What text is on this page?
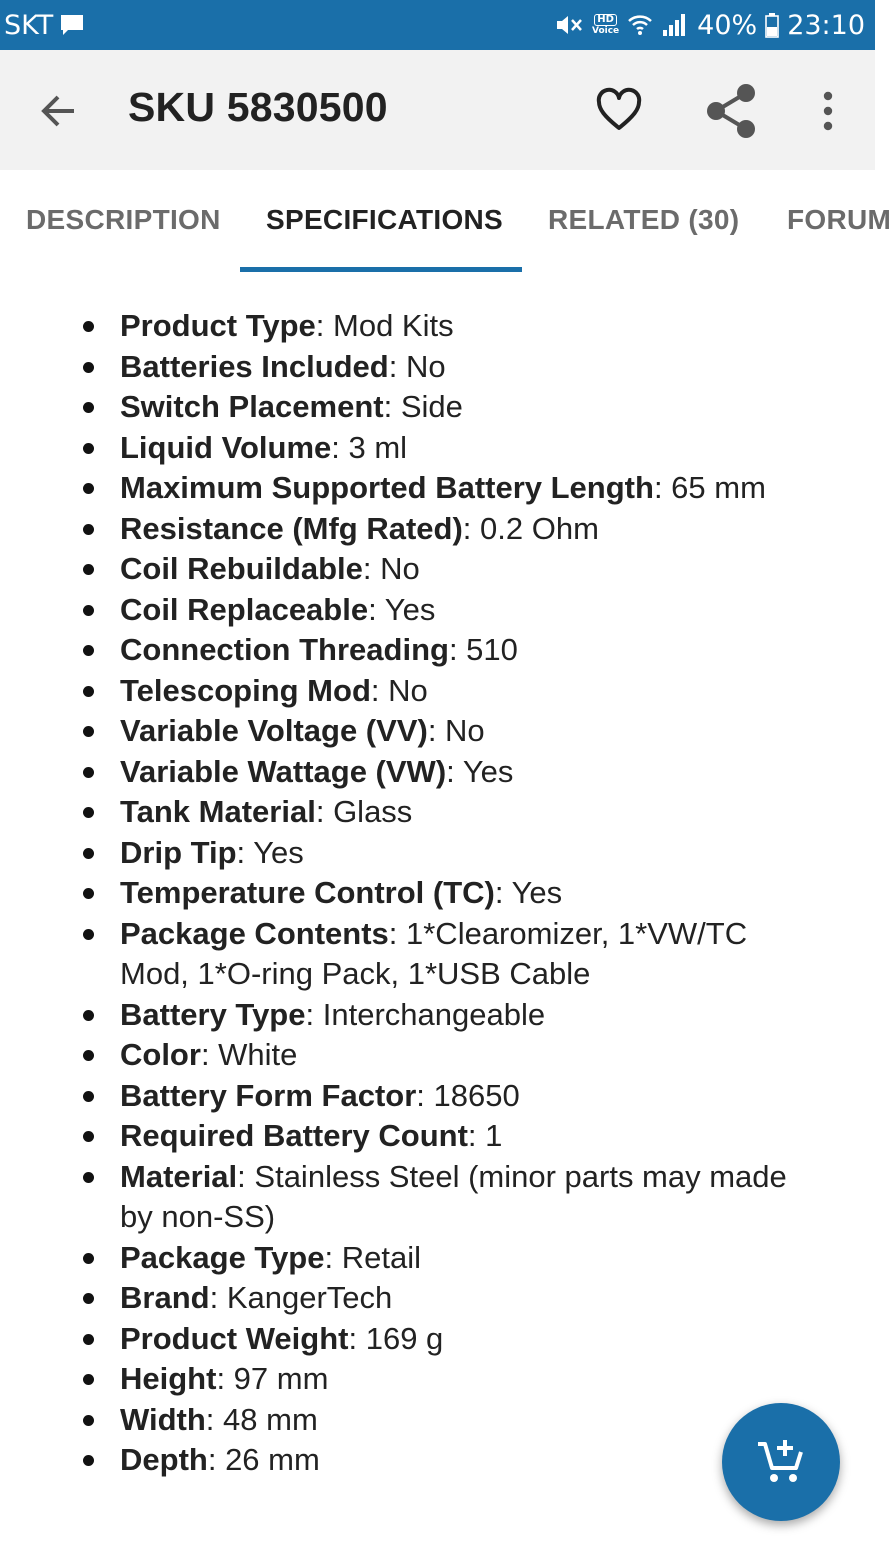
SKT	HD
Voice	40% 23:10
SKU 5830500
DESCRIPTION SPECIFICATIONS RELATED (30) FORUM
Product Type: Mod Kits
Batteries Included: No
Switch Placement: Side
Liquid Volume: 3 ml
Maximum Supported Battery Length: 65 mm
Resistance (Mfg Rated): 0.2 Ohm
Coil Rebuildable: No
Coil Replaceable: Yes
Connection Threading: 510
Telescoping Mod: No
Variable Voltage (VV): No
Variable Wattage (VW): Yes
Tank Material: Glass
Drip Tip: Yes
Temperature Control (TC): Yes
Package Contents: 1*Clearomizer, 1*VW/TC Mod, 1*O-ring Pack, 1*USB Cable
Battery Type: Interchangeable
Color: White
Battery Form Factor: 18650
Required Battery Count: 1
Material: Stainless Steel (minor parts may made by non-SS)
Package Type: Retail
Brand: KangerTech
Product Weight: 169 g
Height: 97 mm
Width: 48 mm
Depth: 26 mm
